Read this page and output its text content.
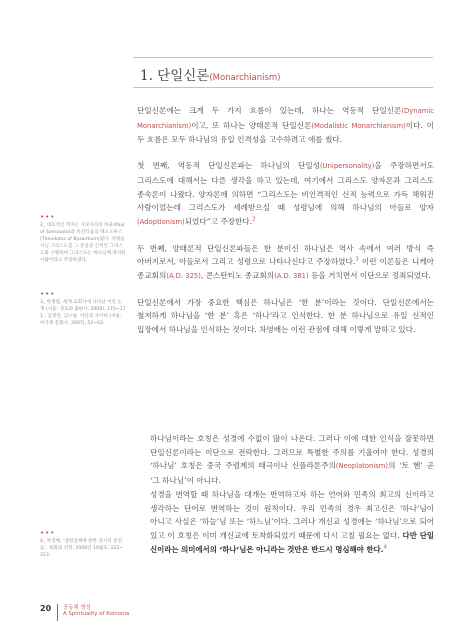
1. 단일신론(Monarchianism)

단일신론에는 크게 두 가지 흐름이 있는데, 하나는 역동적 단일신론(Dynamic Monarchianism)이고, 또 하나는 양태론적 단일신론(Modalistic Monarchianism)이다. 이 두 흐름은 모두 하나님의 유일 인격성을 고수하려고 애를 썼다.

첫 번째, 역동적 단일신론파는 하나님의 단일성(Unipersonality)을 주장하면서도 그리스도에 대해서는 다른 생각을 하고 있는데, 여기에서 그리스도 양자론과 그리스도 종속론이 나왔다. 양자론에 의하면 “그리스도는 비인격적인 신적 능력으로 가득 채워진 사람이었는데 그리스도가 세례받으실 때 성령님에 의해 하나님의 아들로 양자(Adoptionism)되었다”고 주장한다.$^2$

두 번째, 양태론적 단일신론파들은 한 분이신 하나님은 역사 속에서 여러 방식 즉 아버지로서, 아들로서 그리고 성령으로 나타나신다고 주장하였다.$^3$ 이런 이론들은 니케아 종교회의(A.D. 325), 콘스탄티노 종교회의(A.D. 381) 등을 거치면서 이단으로 정죄되었다.

단일신론에서 가장 중요한 핵심은 하나님은 ‘한 분’이라는 것이다. 단일신론에서는 철저하게 하나님을 ‘한 분’ 혹은 ‘하나’라고 인식한다. 한 분 하나님으로 유일 신적인 입장에서 하나님을 인식하는 것이다. 차영배는 이런 관점에 대해 이렇게 말하고 있다.

하나님이라는 호칭은 성경에 수없이 많이 나온다. 그러나 이에 대한 인식을 잘못하면 단일신론이라는 이단으로 전락한다. 그러므로 특별한 주의를 기울여야 한다. 성경의 ‘하나님’ 호칭은 중국 주렴계의 태극이나 신플라톤주의(Neoplatonism)의 ‘토 헨’ 곧 ‘그 하나님’이 아니다.

성경을 번역할 때 하나님을 대개는 번역하고자 하는 언어와 민족의 최고의 신이라고 생각하는 단어로 번역하는 것이 원칙이다. 우리 민족의 경우 최고신은 ‘하나’님이 아니고 사실은 ‘하늘’님 또는 ‘하느님’이다. 그러나 개신교 성경에는 ‘하나님’으로 되어 있고 이 호칭은 이미 개신교에 토착화되었기 때문에 다시 고칠 필요는 없다. 다만 단일 신이라는 의미에서의 ‘하나’님은 아니라는 것만은 반드시 명심해야 한다.$^4$

•••
2_ 대표적인 학자는 사모사타의 바울(Paul of Samosata)과 비잔티움의 테오도투스(Theodotus of Byzantium)였다. 엇평을 지닌 그리스도를 그 본질상 신적인 그리스도와 구별하여 그리스도는 하나님께 양자된 사람이라고 주장하였다.
•••
3_ 한병엽, 세계 교회사에 나타난 이단 논쟁 (서울: 경로회 출판사, 2000), 170~171 ; 김명연, 김구필, 이단과 사이비 (서울: 여가제 문화사, 2007), 52~63.
•••
4_ 차영배, ‘성령일체에 관한 성서의 증언들’, 목회와 신학, 2000년 10월호, 222~223.
20 공동체 영성
A Spirituality of Koinonia
